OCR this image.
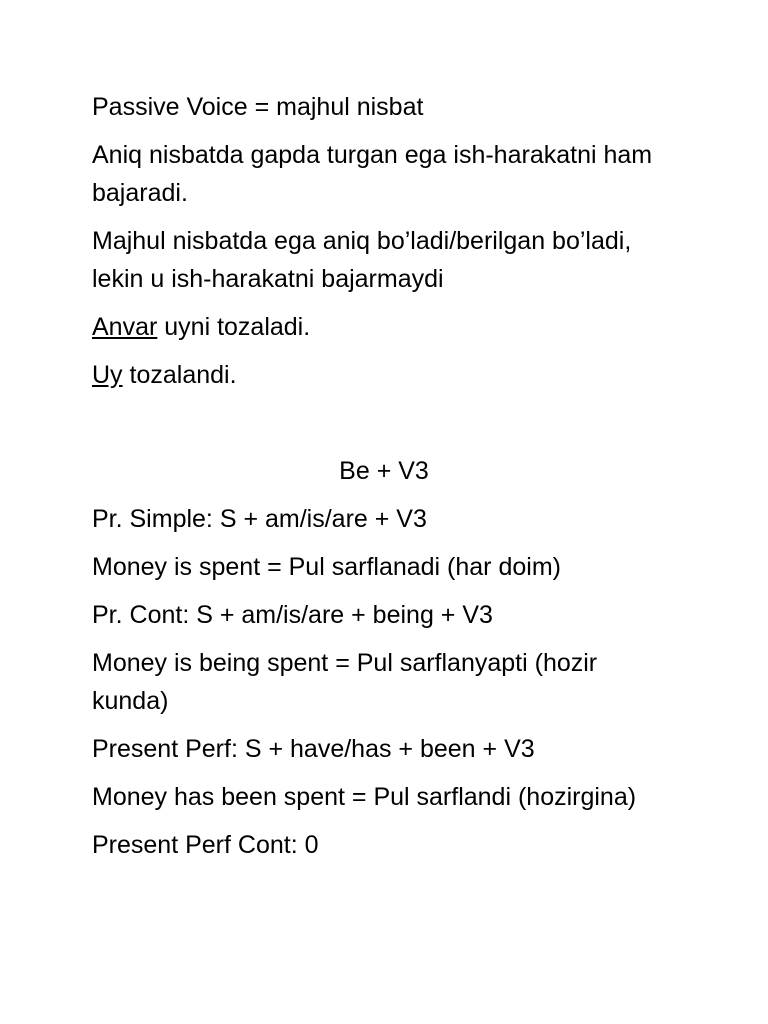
Passive Voice = majhul nisbat

Aniq nisbatda gapda turgan ega ish-harakatni ham bajaradi.

Majhul nisbatda ega aniq bo’ladi/berilgan bo’ladi, lekin u ish-harakatni bajarmaydi

Anvar uyni tozaladi.

Uy tozalandi.

Be + V3

Pr. Simple: S + am/is/are + V3

Money is spent = Pul sarflanadi (har doim)

Pr. Cont: S + am/is/are + being + V3

Money is being spent = Pul sarflanyapti (hozir kunda)

Present Perf: S + have/has + been + V3

Money has been spent = Pul sarflandi (hozirgina)

Present Perf Cont: 0
